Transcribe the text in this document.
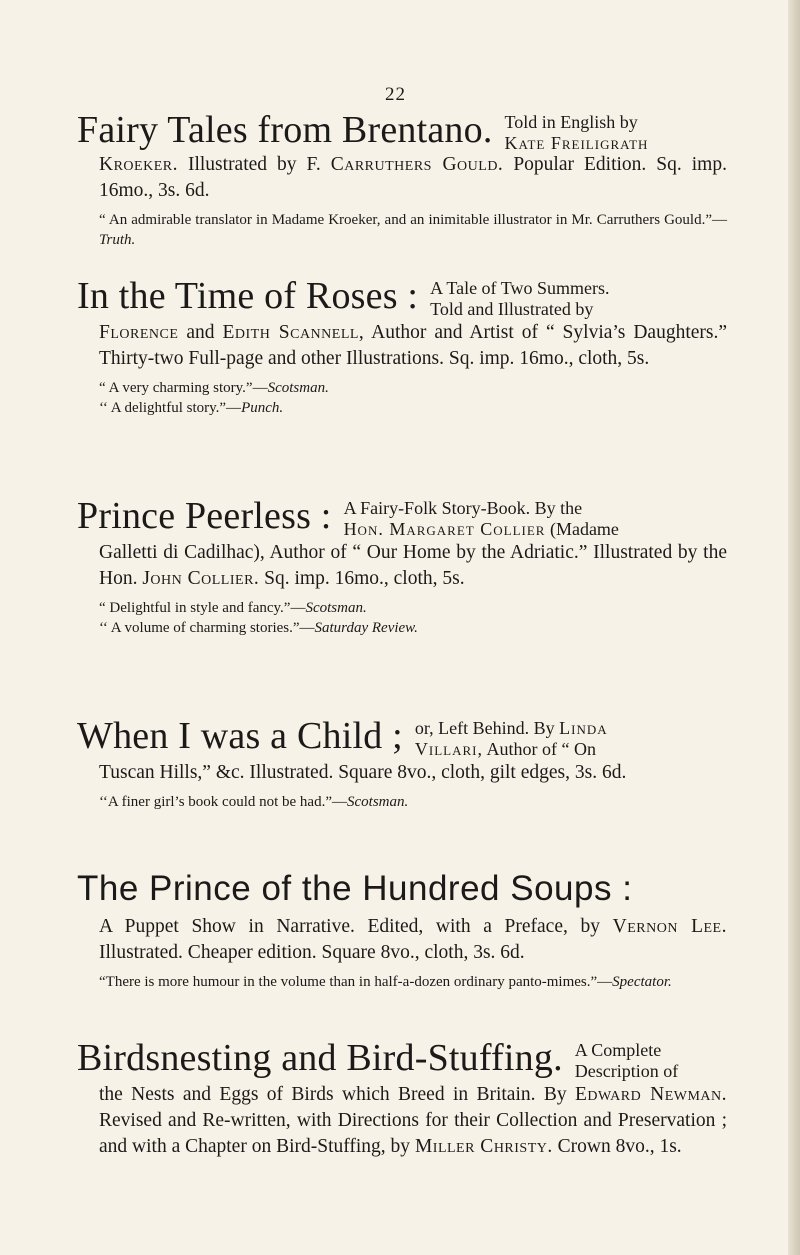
22
Fairy Tales from Brentano. Told in English by
Kate Freiligrath
Kroeker. Illustrated by F. Carruthers Gould. Popular Edition. Sq. imp. 16mo., 3s. 6d.
“ An admirable translator in Madame Kroeker, and an inimitable illustrator in Mr. Carruthers Gould.”—Truth.
In the Time of Roses : A Tale of Two Summers.
Told and Illustrated by
Florence and Edith Scannell, Author and Artist of “ Sylvia’s Daughters.” Thirty-two Full-page and other Illustrations. Sq. imp. 16mo., cloth, 5s.
“ A very charming story.”—Scotsman.
‘‘ A delightful story.”—Punch.
Prince Peerless : A Fairy-Folk Story-Book. By the
Hon. Margaret Collier (Madame
Galletti di Cadilhac), Author of “ Our Home by the Adriatic.” Illustrated by the Hon. John Collier. Sq. imp. 16mo., cloth, 5s.
“ Delightful in style and fancy.”—Scotsman.
‘‘ A volume of charming stories.”—Saturday Review.
When I was a Child ; or, Left Behind. By Linda
Villari, Author of “ On
Tuscan Hills,” &c. Illustrated. Square 8vo., cloth, gilt edges, 3s. 6d.
‘‘A finer girl’s book could not be had.”—Scotsman.
The Prince of the Hundred Soups :
A Puppet Show in Narrative. Edited, with a Preface, by Vernon Lee. Illustrated. Cheaper edition. Square 8vo., cloth, 3s. 6d.
“There is more humour in the volume than in half-a-dozen ordinary panto-mimes.”—Spectator.
Birdsnesting and Bird-Stuffing. A Complete
Description of
the Nests and Eggs of Birds which Breed in Britain. By Edward Newman. Revised and Re-written, with Directions for their Collection and Preservation ; and with a Chapter on Bird-Stuffing, by Miller Christy. Crown 8vo., 1s.
